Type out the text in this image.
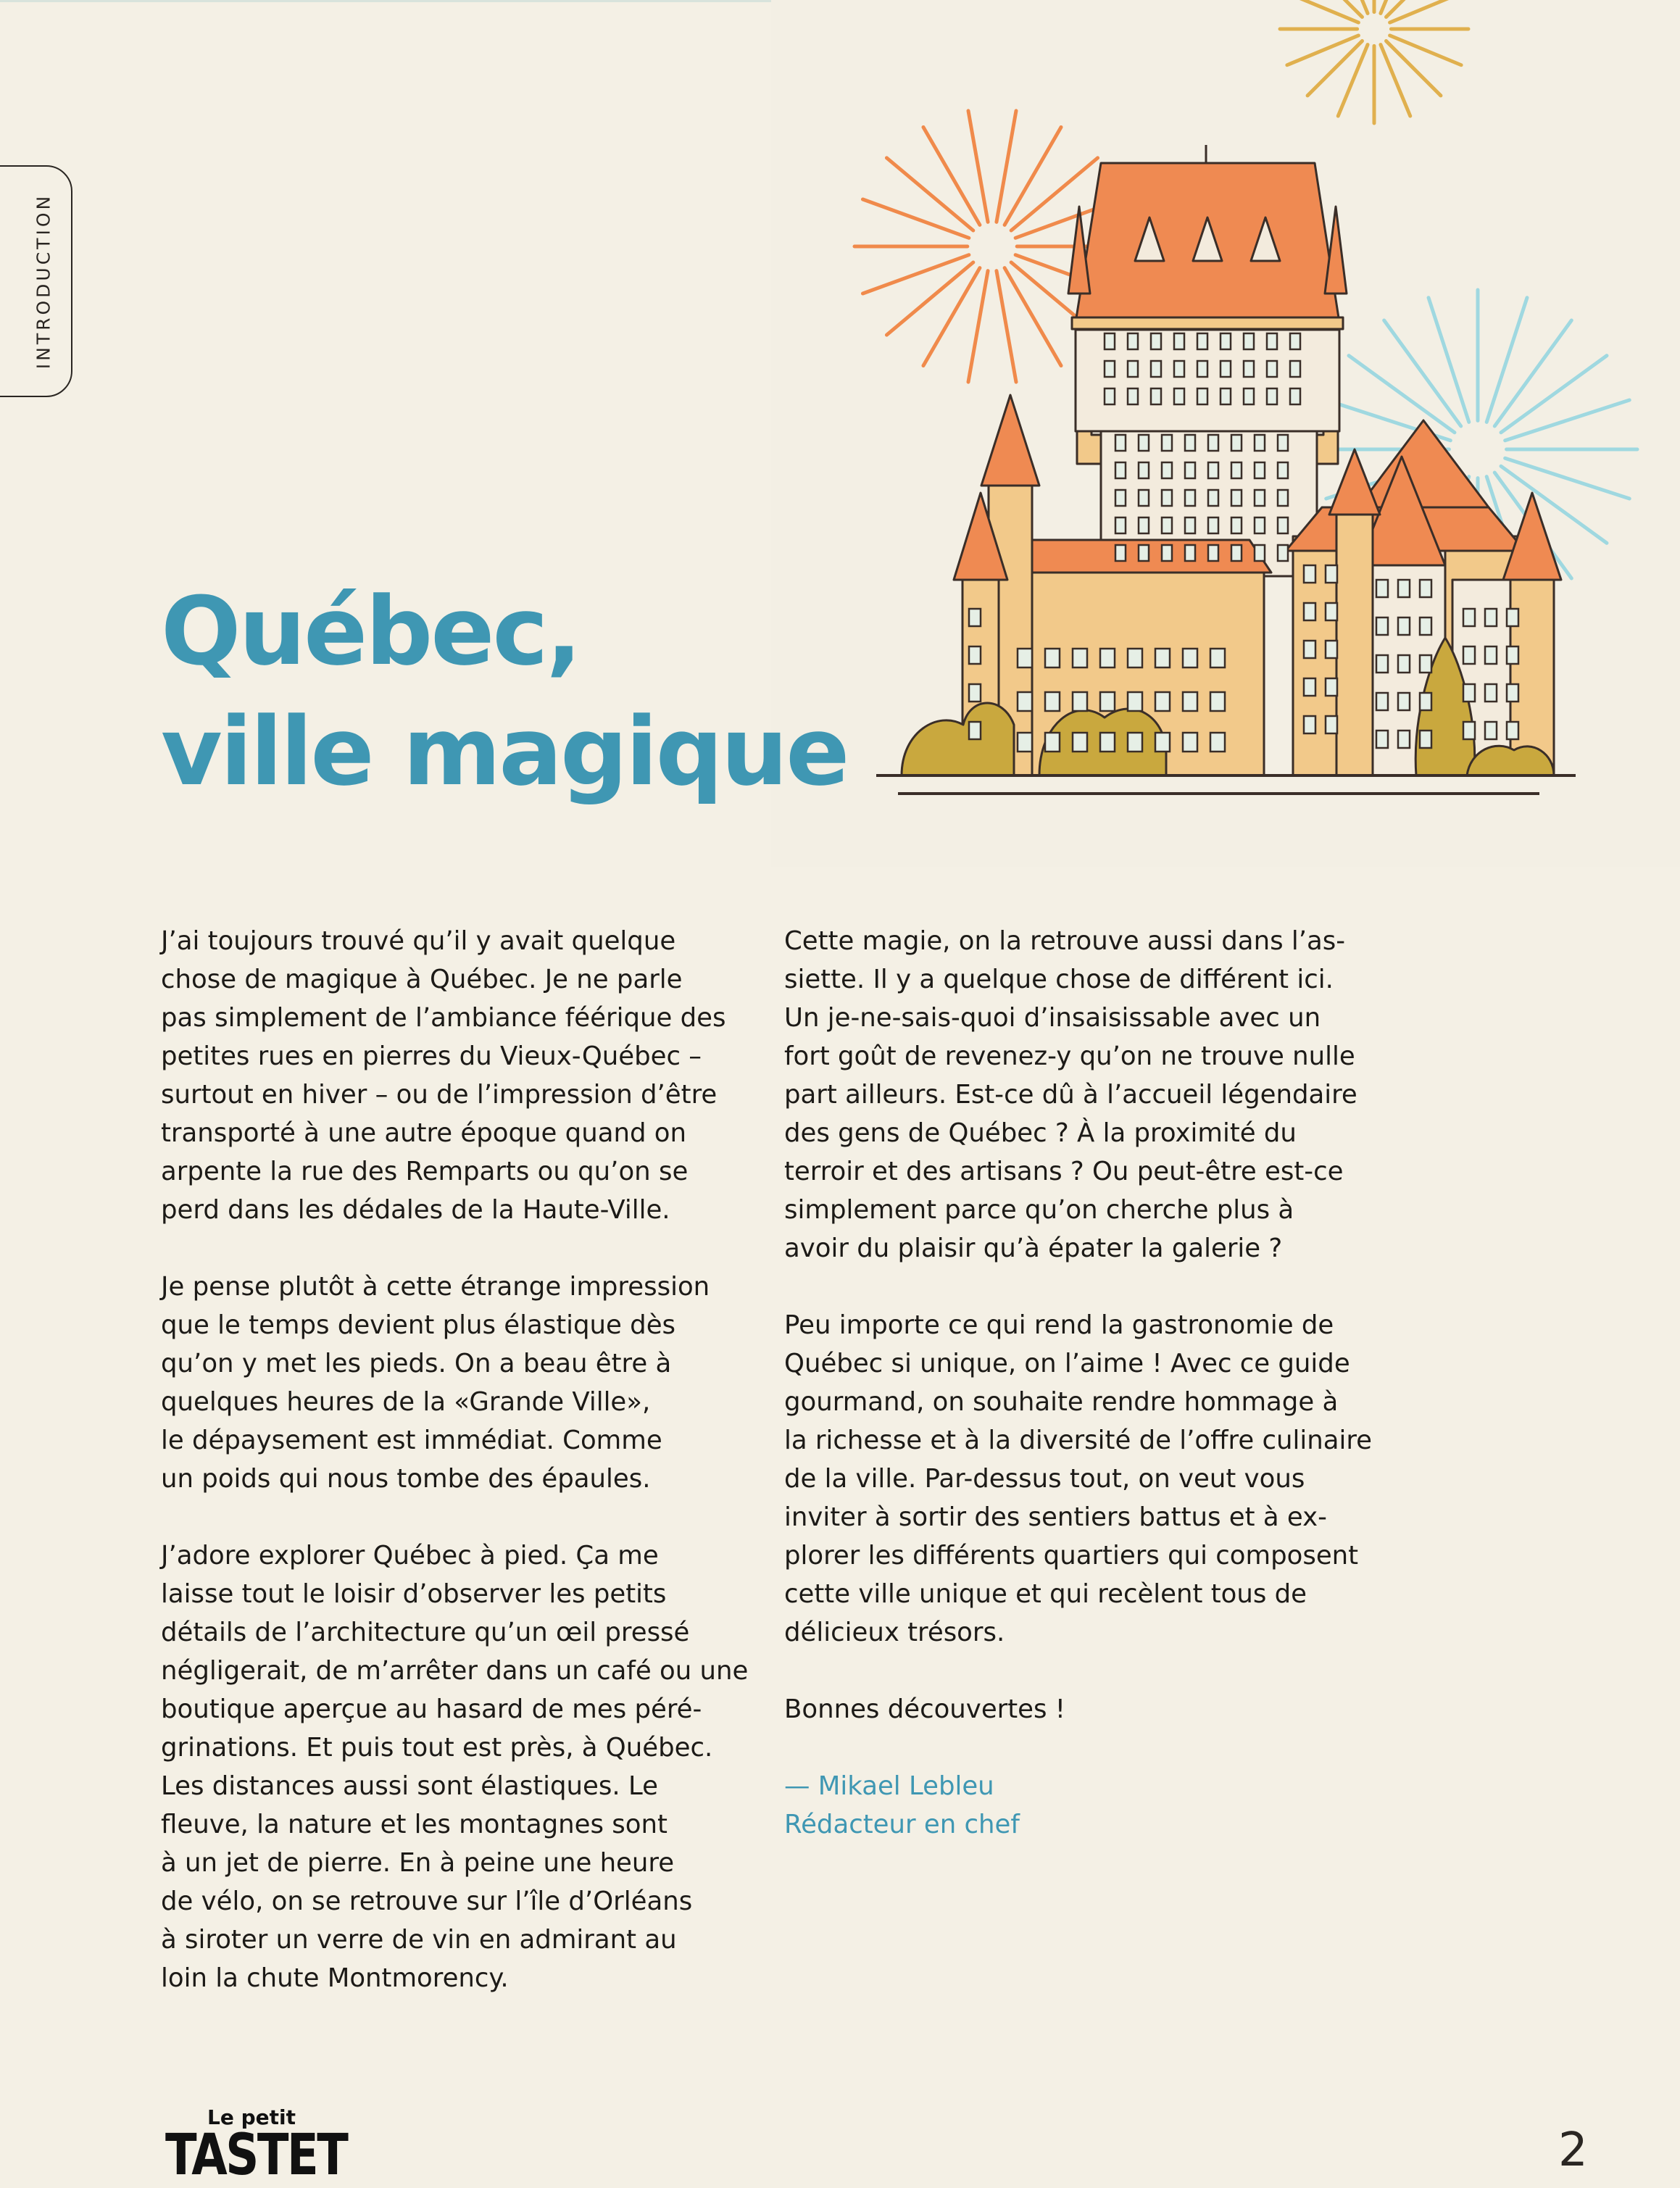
INTRODUCTION
Québec,
ville magique

J’ai toujours trouvé qu’il y avait quelque
chose de magique à Québec. Je ne parle
pas simplement de l’ambiance féérique des
petites rues en pierres du Vieux-Québec –
surtout en hiver – ou de l’impression d’être
transporté à une autre époque quand on
arpente la rue des Remparts ou qu’on se
perd dans les dédales de la Haute-Ville.

Je pense plutôt à cette étrange impression
que le temps devient plus élastique dès
qu’on y met les pieds. On a beau être à
quelques heures de la «Grande Ville»,
le dépaysement est immédiat. Comme
un poids qui nous tombe des épaules.

J’adore explorer Québec à pied. Ça me
laisse tout le loisir d’observer les petits
détails de l’architecture qu’un œil pressé
négligerait, de m’arrêter dans un café ou une
boutique aperçue au hasard de mes péré-
grinations. Et puis tout est près, à Québec.
Les distances aussi sont élastiques. Le
fleuve, la nature et les montagnes sont
à un jet de pierre. En à peine une heure
de vélo, on se retrouve sur l’île d’Orléans
à siroter un verre de vin en admirant au
loin la chute Montmorency.

Cette magie, on la retrouve aussi dans l’as-
siette. Il y a quelque chose de différent ici.
Un je-ne-sais-quoi d’insaisissable avec un
fort goût de revenez-y qu’on ne trouve nulle
part ailleurs. Est-ce dû à l’accueil légendaire
des gens de Québec ? À la proximité du
terroir et des artisans ? Ou peut-être est-ce
simplement parce qu’on cherche plus à
avoir du plaisir qu’à épater la galerie ?

Peu importe ce qui rend la gastronomie de
Québec si unique, on l’aime ! Avec ce guide
gourmand, on souhaite rendre hommage à
la richesse et à la diversité de l’offre culinaire
de la ville. Par-dessus tout, on veut vous
inviter à sortir des sentiers battus et à ex-
plorer les différents quartiers qui composent
cette ville unique et qui recèlent tous de
délicieux trésors.

Bonnes découvertes !

— Mikael Lebleu
Rédacteur en chef

Le petit
TASTET	2
